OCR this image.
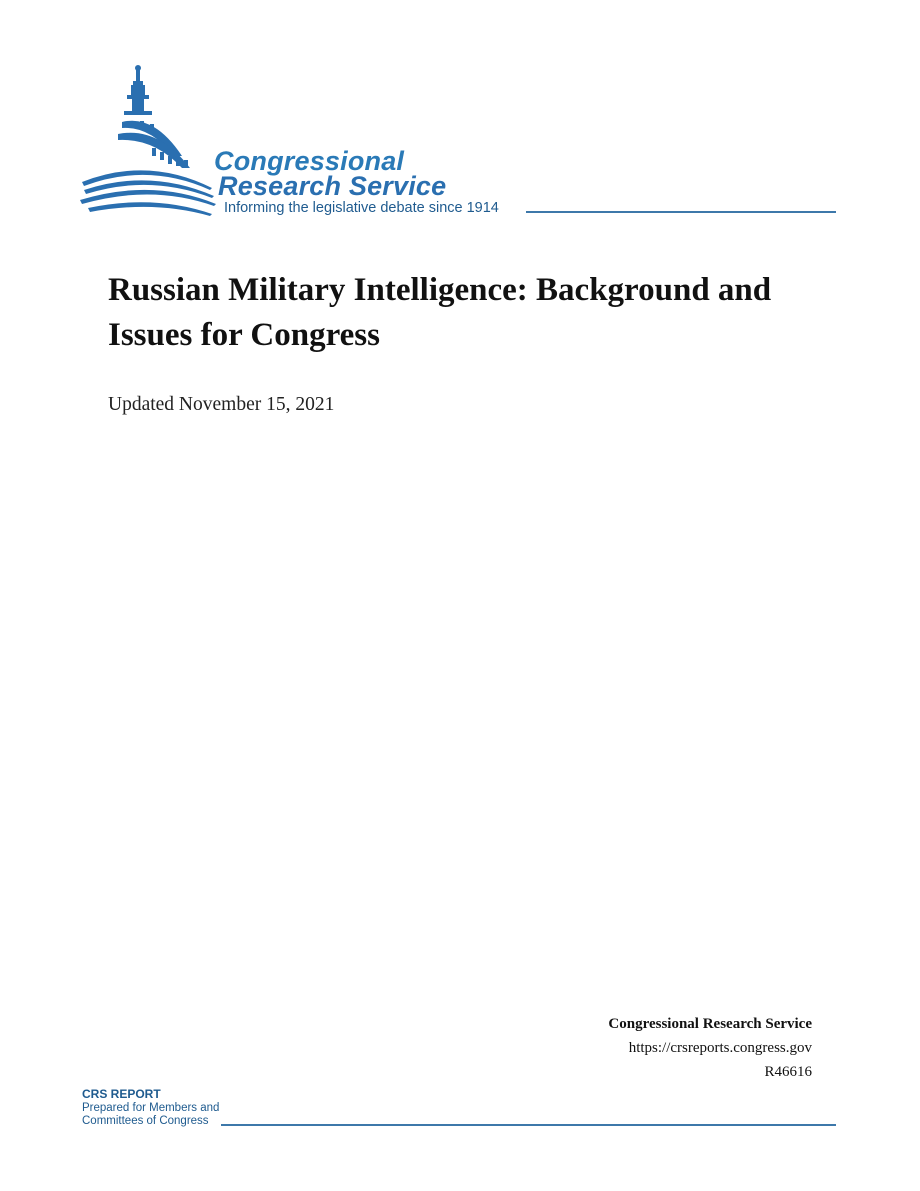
Congressional
Research Service
Informing the legislative debate since 1914
Russian Military Intelligence: Background and Issues for Congress
Updated November 15, 2021
Congressional Research Service
https://crsreports.congress.gov
R46616
CRS REPORT
Prepared for Members and
Committees of Congress
